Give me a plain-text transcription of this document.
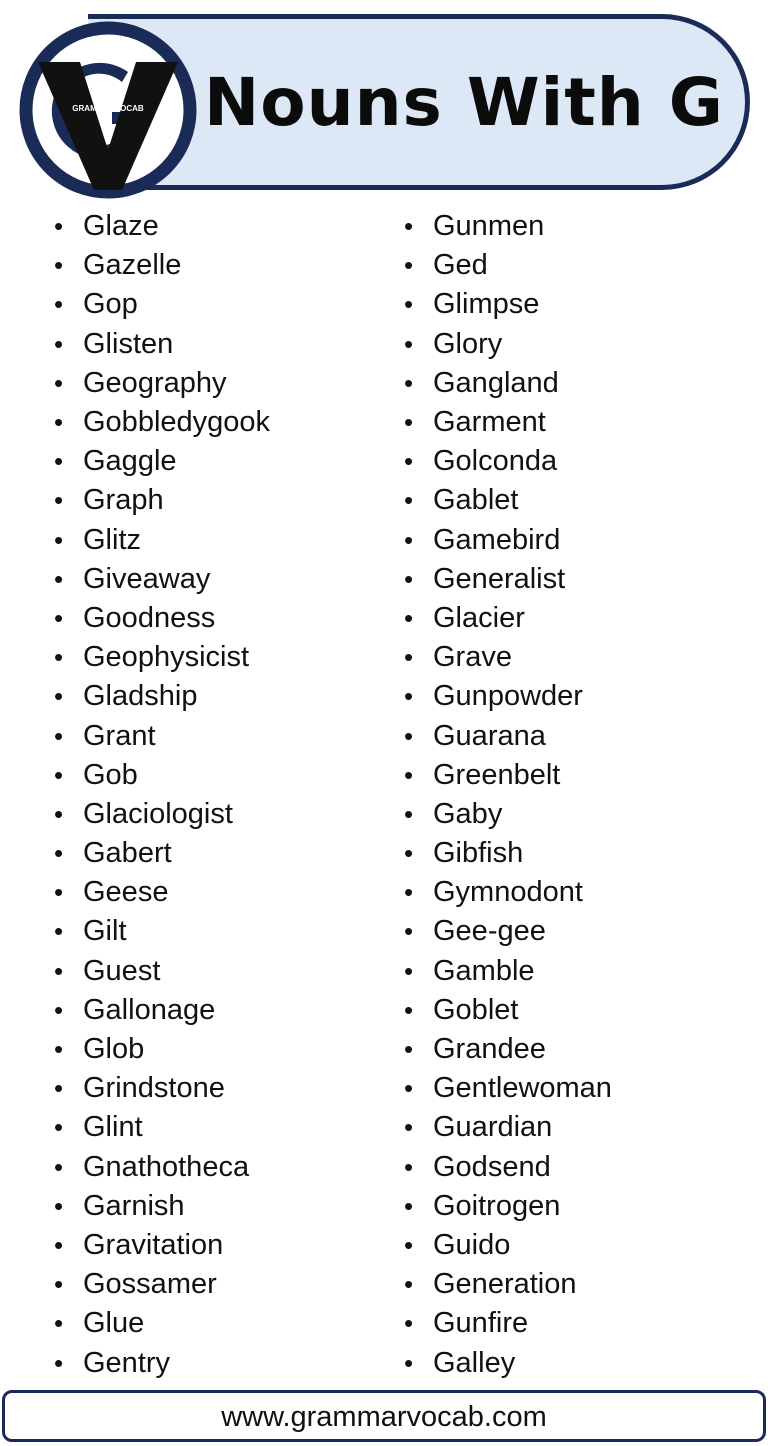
GRAMMARVOCAB Nouns With G
• Glaze
• Gazelle
• Gop
• Glisten
• Geography
• Gobbledygook
• Gaggle
• Graph
• Glitz
• Giveaway
• Goodness
• Geophysicist
• Gladship
• Grant
• Gob
• Glaciologist
• Gabert
• Geese
• Gilt
• Guest
• Gallonage
• Glob
• Grindstone
• Glint
• Gnathotheca
• Garnish
• Gravitation
• Gossamer
• Glue
• Gentry
• Gunmen
• Ged
• Glimpse
• Glory
• Gangland
• Garment
• Golconda
• Gablet
• Gamebird
• Generalist
• Glacier
• Grave
• Gunpowder
• Guarana
• Greenbelt
• Gaby
• Gibfish
• Gymnodont
• Gee-gee
• Gamble
• Goblet
• Grandee
• Gentlewoman
• Guardian
• Godsend
• Goitrogen
• Guido
• Generation
• Gunfire
• Galley
www.grammarvocab.com
